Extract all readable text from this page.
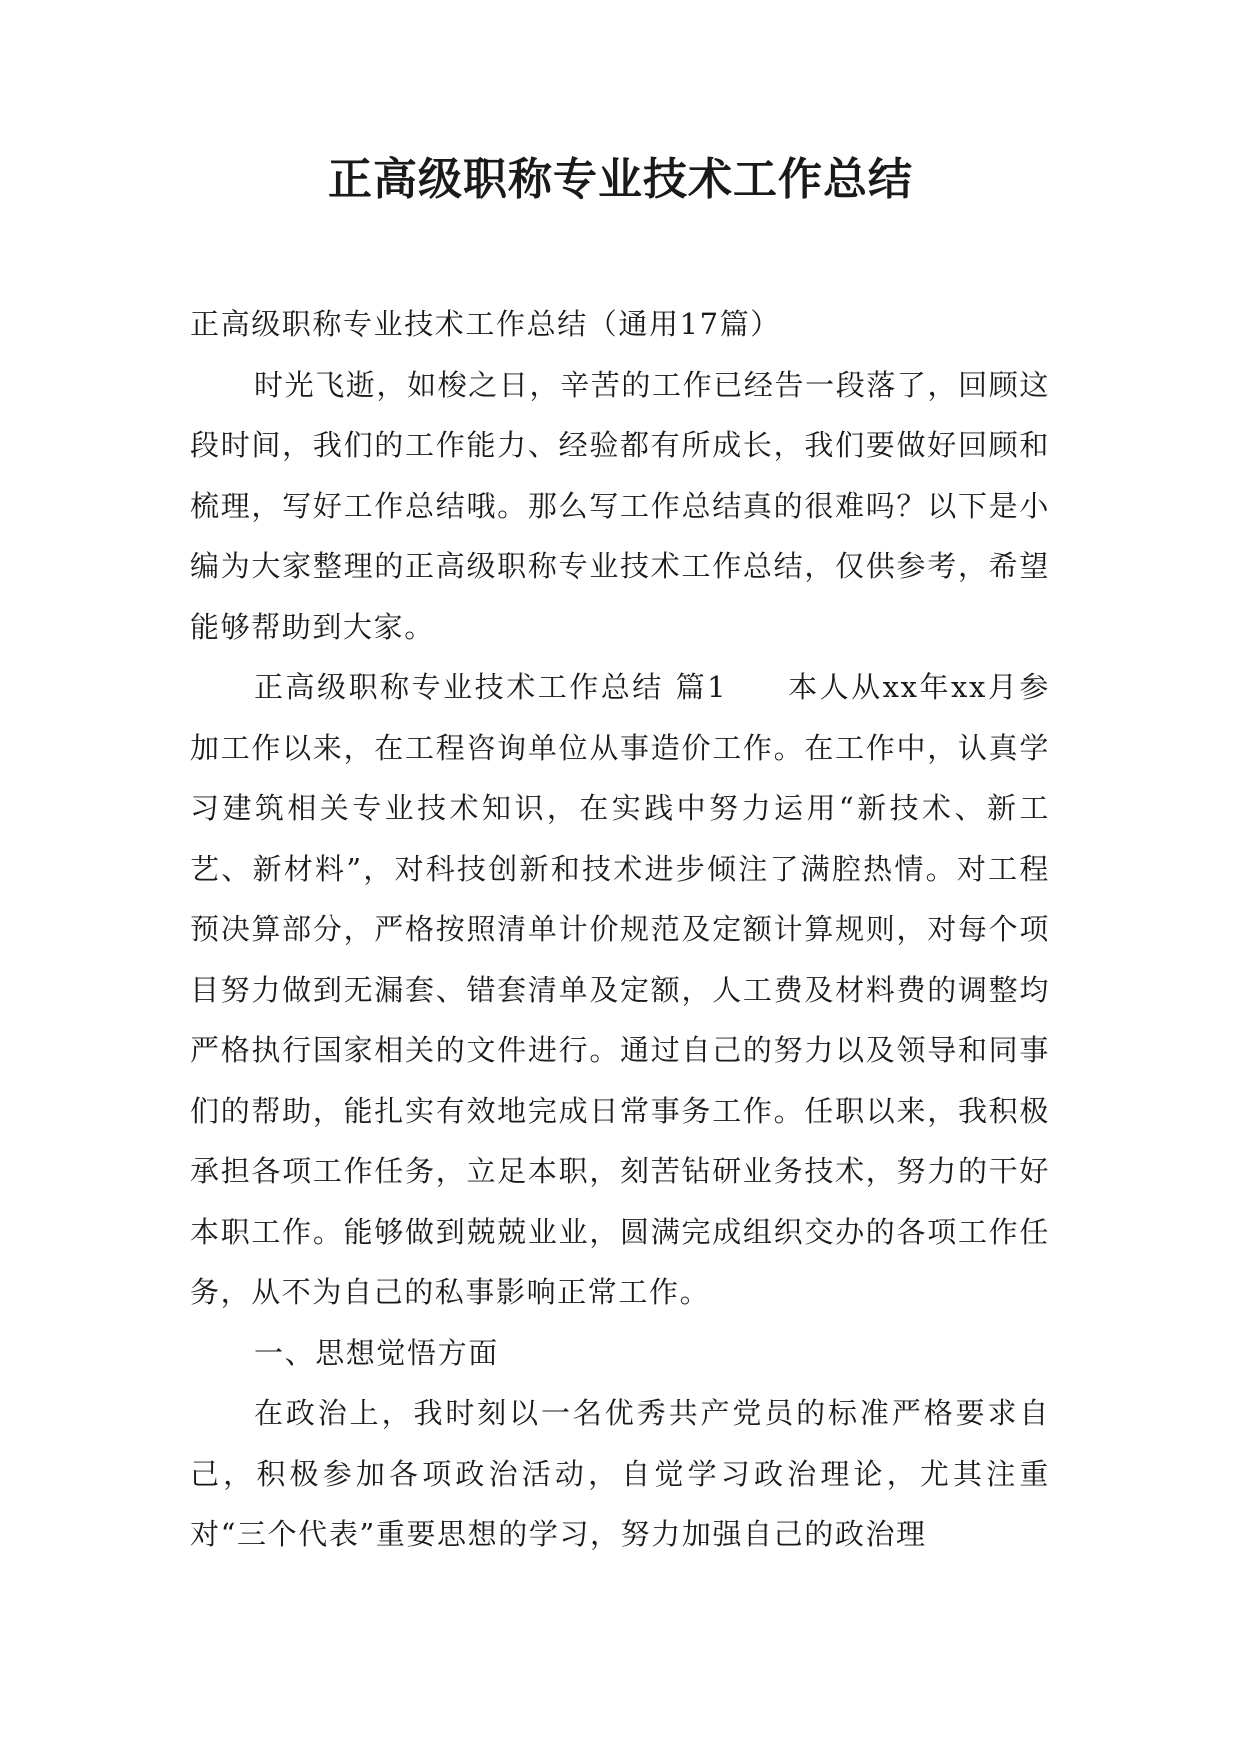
正高级职称专业技术工作总结

正高级职称专业技术工作总结（通用17篇）

时光飞逝，如梭之日，辛苦的工作已经告一段落了，回顾这段时间，我们的工作能力、经验都有所成长，我们要做好回顾和梳理，写好工作总结哦。那么写工作总结真的很难吗？以下是小编为大家整理的正高级职称专业技术工作总结，仅供参考，希望能够帮助到大家。

正高级职称专业技术工作总结 篇1 本人从xx年xx月参加工作以来，在工程咨询单位从事造价工作。在工作中，认真学习建筑相关专业技术知识，在实践中努力运用“新技术、新工艺、新材料”，对科技创新和技术进步倾注了满腔热情。对工程预决算部分，严格按照清单计价规范及定额计算规则，对每个项目努力做到无漏套、错套清单及定额，人工费及材料费的调整均严格执行国家相关的文件进行。通过自己的努力以及领导和同事们的帮助，能扎实有效地完成日常事务工作。任职以来，我积极承担各项工作任务，立足本职，刻苦钻研业务技术，努力的干好本职工作。能够做到兢兢业业，圆满完成组织交办的各项工作任务，从不为自己的私事影响正常工作。

一、思想觉悟方面

在政治上，我时刻以一名优秀共产党员的标准严格要求自己，积极参加各项政治活动，自觉学习政治理论，尤其注重对“三个代表”重要思想的学习，努力加强自己的政治理
